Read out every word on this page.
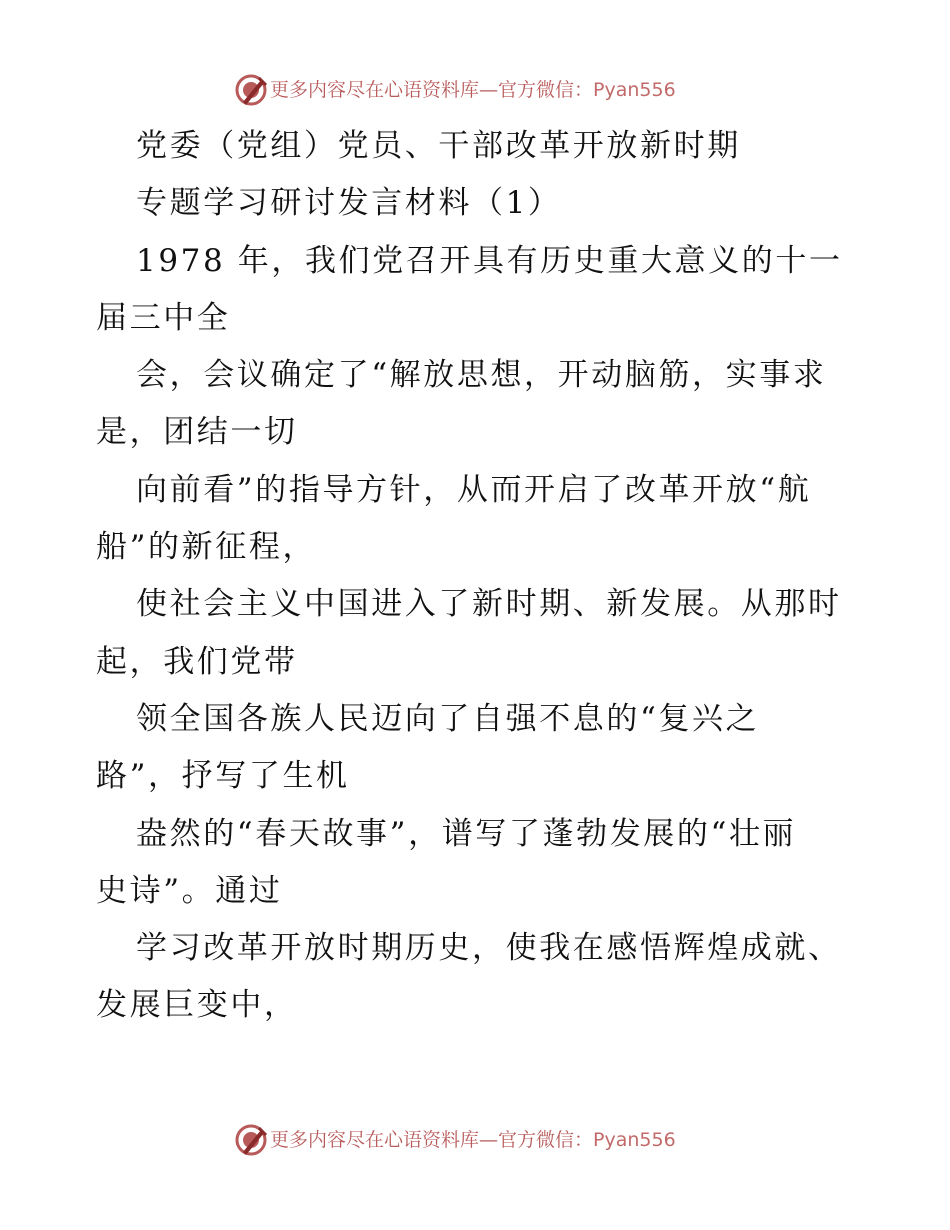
更多内容尽在心语资料库—官方微信：Pyan556
党委（党组）党员、干部改革开放新时期
专题学习研讨发言材料（1）
1978 年，我们党召开具有历史重大意义的十一
届三中全
会，会议确定了“解放思想，开动脑筋，实事求
是，团结一切
向前看”的指导方针，从而开启了改革开放“航
船”的新征程，
使社会主义中国进入了新时期、新发展。从那时
起，我们党带
领全国各族人民迈向了自强不息的“复兴之
路”，抒写了生机
盎然的“春天故事”，谱写了蓬勃发展的“壮丽
史诗”。通过
学习改革开放时期历史，使我在感悟辉煌成就、
发展巨变中，
更多内容尽在心语资料库—官方微信：Pyan556
